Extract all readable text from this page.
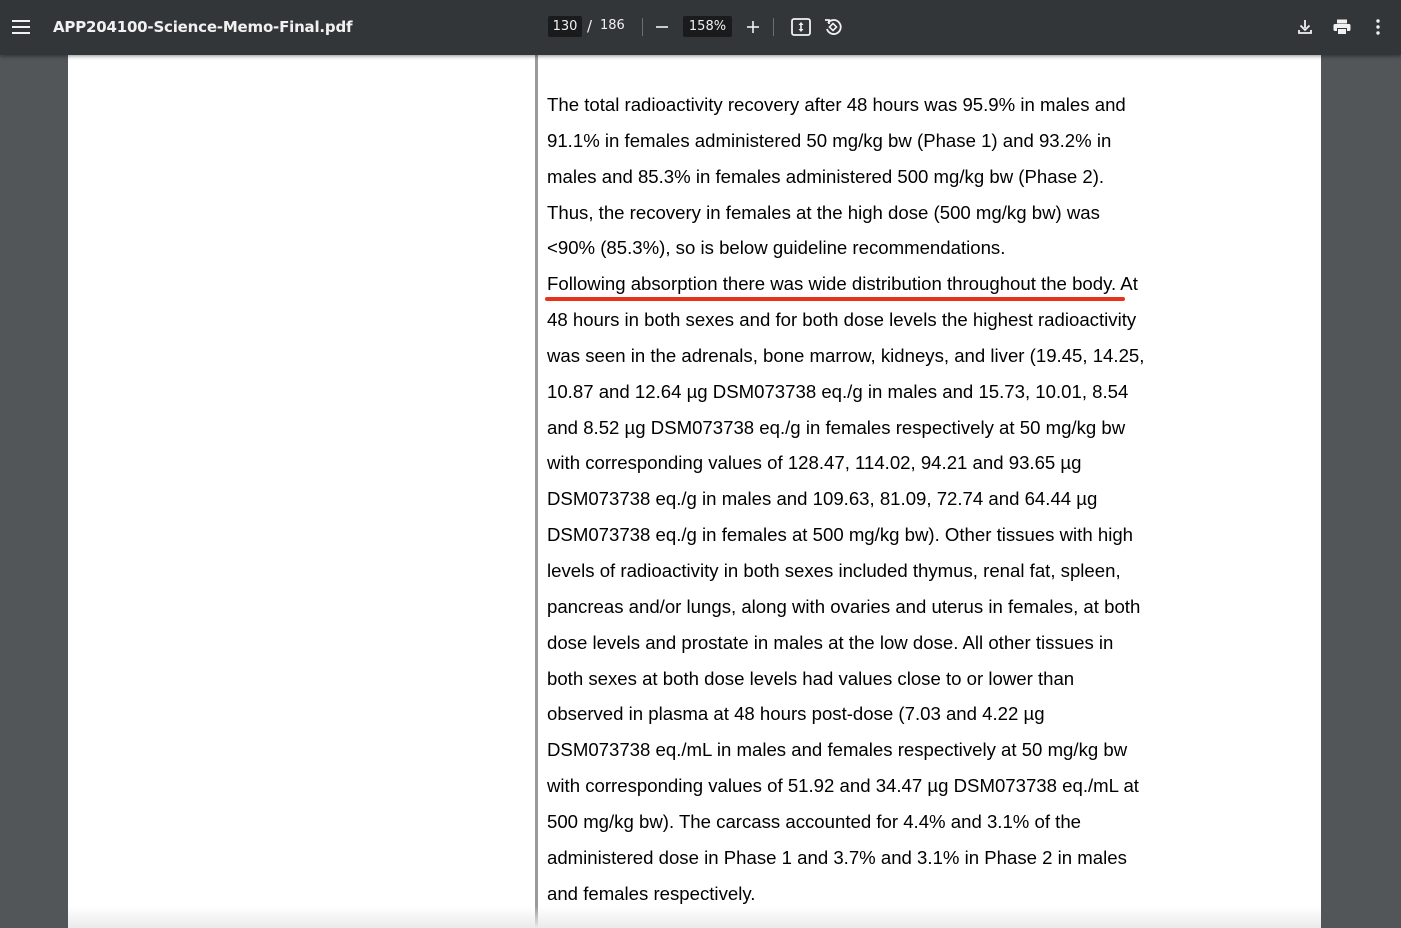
APP204100-Science-Memo-Final.pdf
130	/ 186
158%
The total radioactivity recovery after 48 hours was 95.9% in males and
91.1% in females administered 50 mg/kg bw (Phase 1) and 93.2% in
males and 85.3% in females administered 500 mg/kg bw (Phase 2).
Thus, the recovery in females at the high dose (500 mg/kg bw) was
<90% (85.3%), so is below guideline recommendations.
Following absorption there was wide distribution throughout the body. At
48 hours in both sexes and for both dose levels the highest radioactivity
was seen in the adrenals, bone marrow, kidneys, and liver (19.45, 14.25,
10.87 and 12.64 µg DSM073738 eq./g in males and 15.73, 10.01, 8.54
and 8.52 µg DSM073738 eq./g in females respectively at 50 mg/kg bw
with corresponding values of 128.47, 114.02, 94.21 and 93.65 µg
DSM073738 eq./g in males and 109.63, 81.09, 72.74 and 64.44 µg
DSM073738 eq./g in females at 500 mg/kg bw). Other tissues with high
levels of radioactivity in both sexes included thymus, renal fat, spleen,
pancreas and/or lungs, along with ovaries and uterus in females, at both
dose levels and prostate in males at the low dose. All other tissues in
both sexes at both dose levels had values close to or lower than
observed in plasma at 48 hours post-dose (7.03 and 4.22 µg
DSM073738 eq./mL in males and females respectively at 50 mg/kg bw
with corresponding values of 51.92 and 34.47 µg DSM073738 eq./mL at
500 mg/kg bw). The carcass accounted for 4.4% and 3.1% of the
administered dose in Phase 1 and 3.7% and 3.1% in Phase 2 in males
and females respectively.
